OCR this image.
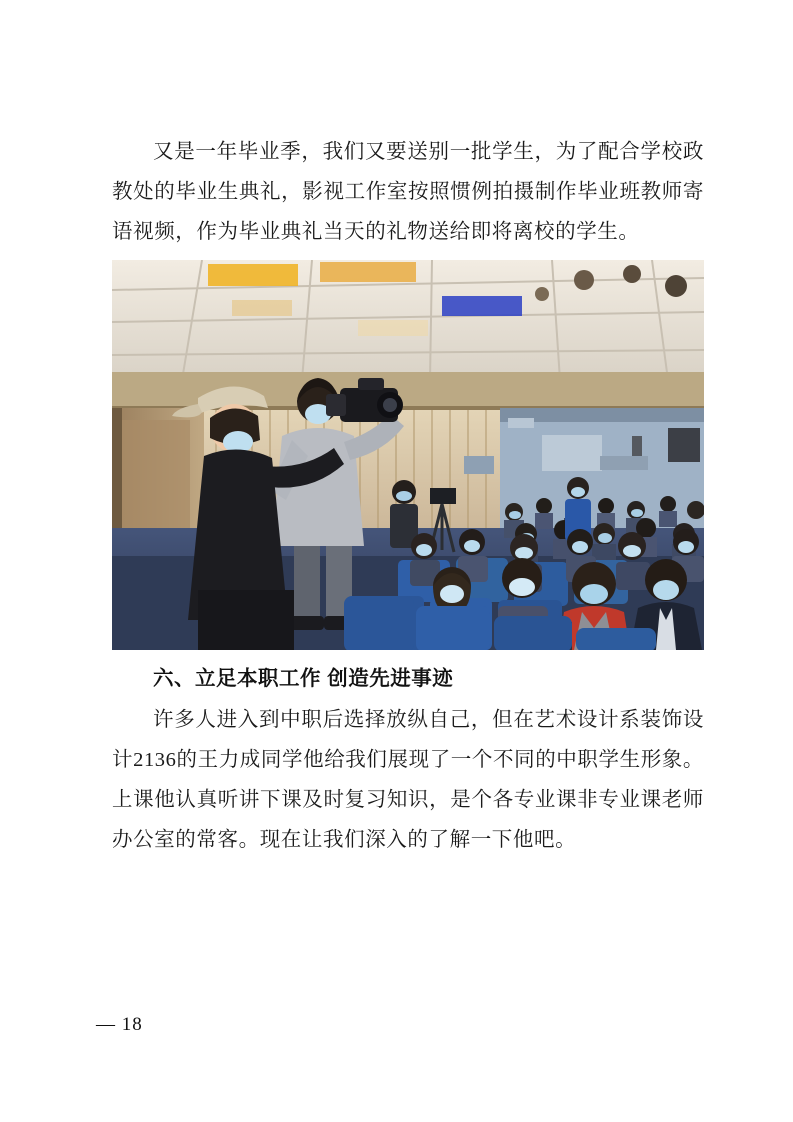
又是一年毕业季，我们又要送别一批学生，为了配合学校政教处的毕业生典礼，影视工作室按照惯例拍摄制作毕业班教师寄语视频，作为毕业典礼当天的礼物送给即将离校的学生。

六、立足本职工作 创造先进事迹

许多人进入到中职后选择放纵自己，但在艺术设计系装饰设计2136的王力成同学他给我们展现了一个不同的中职学生形象。上课他认真听讲下课及时复习知识，是个各专业课非专业课老师办公室的常客。现在让我们深入的了解一下他吧。

— 18
